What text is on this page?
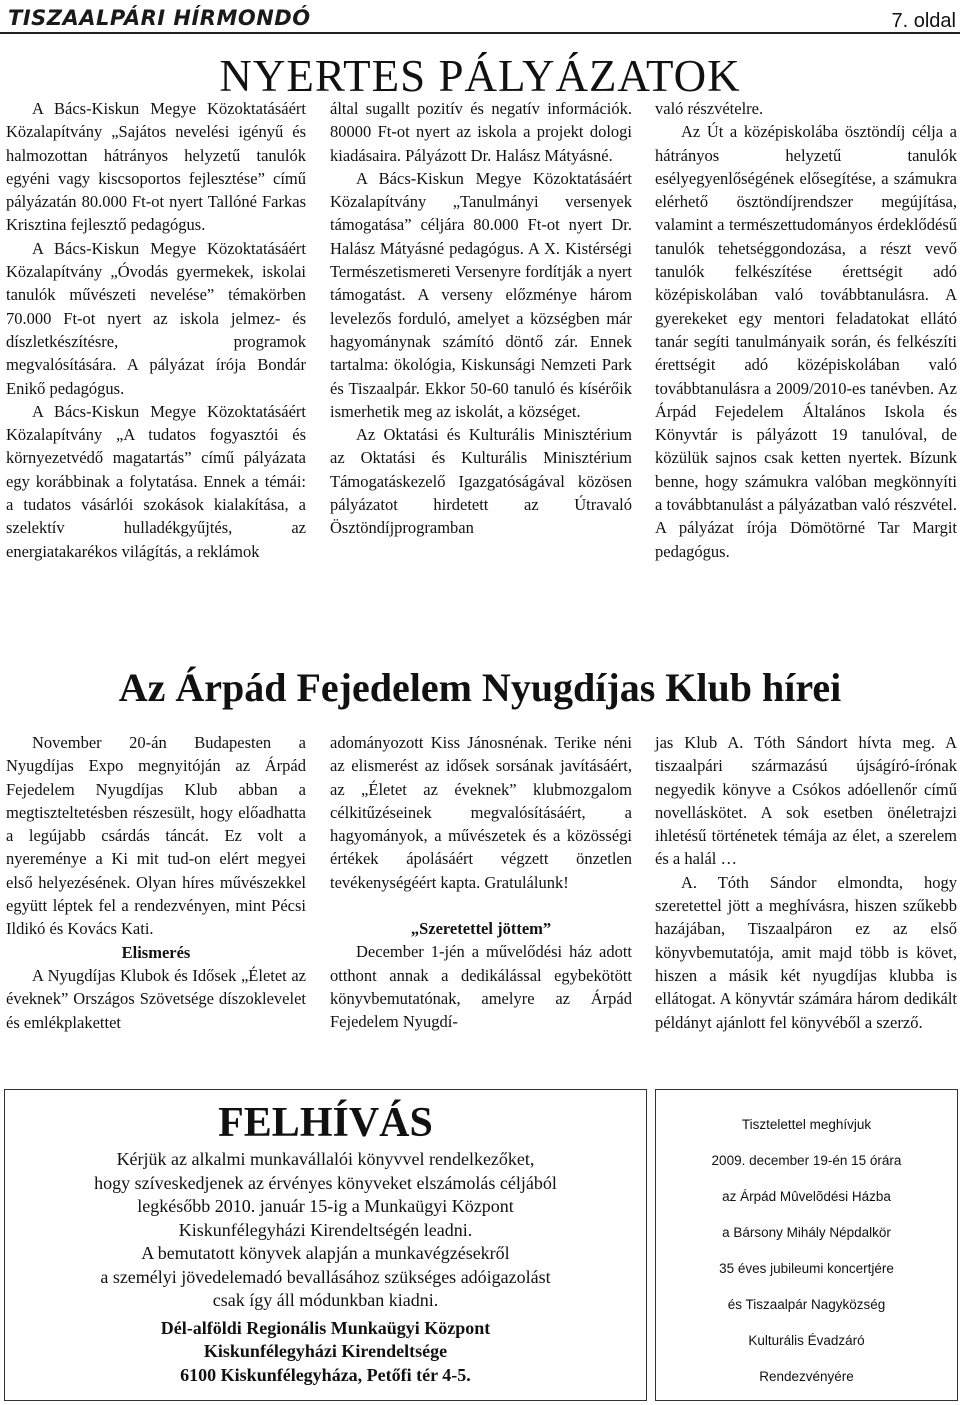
TISZAALPÁRI HÍRMONDÓ	7. oldal
NYERTES PÁLYÁZATOK

A Bács-Kiskun Megye Közoktatásáért Közalapítvány „Sajátos nevelési igényű és halmozottan hátrányos helyzetű tanulók egyéni vagy kiscsoportos fejlesztése” című pályázatán 80.000 Ft-ot nyert Tallóné Farkas Krisztina fejlesztő pedagógus.

A Bács-Kiskun Megye Közoktatásáért Közalapítvány „Óvodás gyermekek, iskolai tanulók művészeti nevelése” témakörben 70.000 Ft-ot nyert az iskola jelmez- és díszletkészítésre, programok megvalósítására. A pályázat írója Bondár Enikő pedagógus.

A Bács-Kiskun Megye Közoktatásáért Közalapítvány „A tudatos fogyasztói és környezetvédő magatartás” című pályázata egy korábbinak a folytatása. Ennek a témái: a tudatos vásárlói szokások kialakítása, a szelektív hulladékgyűjtés, az energiatakarékos világítás, a reklámok

által sugallt pozitív és negatív információk. 80000 Ft-ot nyert az iskola a projekt dologi kiadásaira. Pályázott Dr. Halász Mátyásné.

A Bács-Kiskun Megye Közoktatásáért Közalapítvány „Tanulmányi versenyek támogatása” céljára 80.000 Ft-ot nyert Dr. Halász Mátyásné pedagógus. A X. Kistérségi Természetismereti Versenyre fordítják a nyert támogatást. A verseny előzménye három levelezős forduló, amelyet a községben már hagyománynak számító döntő zár. Ennek tartalma: ökológia, Kiskunsági Nemzeti Park és Tiszaalpár. Ekkor 50-60 tanuló és kísérőik ismerhetik meg az iskolát, a községet.

Az Oktatási és Kulturális Minisztérium az Oktatási és Kulturális Minisztérium Támogatáskezelő Igazgatóságával közösen pályázatot hirdetett az Útravaló Ösztöndíjprogramban

való részvételre.

Az Út a középiskolába ösztöndíj célja a hátrányos helyzetű tanulók esélyegyenlőségének elősegítése, a számukra elérhető ösztöndíjrendszer megújítása, valamint a természettudományos érdeklődésű tanulók tehetséggondozása, a részt vevő tanulók felkészítése érettségit adó középiskolában való továbbtanulásra. A gyerekeket egy mentori feladatokat ellátó tanár segíti tanulmányaik során, és felkészíti érettségit adó középiskolában való továbbtanulásra a 2009/2010-es tanévben. Az Árpád Fejedelem Általános Iskola és Könyvtár is pályázott 19 tanulóval, de közülük sajnos csak ketten nyertek. Bízunk benne, hogy számukra valóban megkönnyíti a továbbtanulást a pályázatban való részvétel. A pályázat írója Dömötörné Tar Margit pedagógus.

Az Árpád Fejedelem Nyugdíjas Klub hírei

November 20-án Budapesten a Nyugdíjas Expo megnyitóján az Árpád Fejedelem Nyugdíjas Klub abban a megtiszteltetésben részesült, hogy előadhatta a legújabb csárdás táncát. Ez volt a nyereménye a Ki mit tud-on elért megyei első helyezésének. Olyan híres művészekkel együtt léptek fel a rendezvényen, mint Pécsi Ildikó és Kovács Kati.

Elismerés

A Nyugdíjas Klubok és Idősek „Életet az éveknek” Országos Szövetsége díszoklevelet és emlékplakettet

adományozott Kiss Jánosnénak. Terike néni az elismerést az idősek sorsának javításáért, az „Életet az éveknek” klubmozgalom célkitűzéseinek megvalósításáért, a hagyományok, a művészetek és a közösségi értékek ápolásáért végzett önzetlen tevékenységéért kapta. Gratulálunk!

„Szeretettel jöttem”

December 1-jén a művelődési ház adott otthont annak a dedikálással egybekötött könyvbemutatónak, amelyre az Árpád Fejedelem Nyugdí-

jas Klub A. Tóth Sándort hívta meg. A tiszaalpári származású újságíró-írónak negyedik könyve a Csókos adóellenőr című novelláskötet. A sok esetben önéletrajzi ihletésű történetek témája az élet, a szerelem és a halál …

A. Tóth Sándor elmondta, hogy szeretettel jött a meghívásra, hiszen szűkebb hazájában, Tiszaalpáron ez az első könyvbemutatója, amit majd több is követ, hiszen a másik két nyugdíjas klubba is ellátogat. A könyvtár számára három dedikált példányt ajánlott fel könyvéből a szerző.

FELHÍVÁS

Kérjük az alkalmi munkavállalói könyvvel rendelkezőket,

hogy szíveskedjenek az érvényes könyveket elszámolás céljából

legkésőbb 2010. január 15-ig a Munkaügyi Központ

Kiskunfélegyházi Kirendeltségén leadni.

A bemutatott könyvek alapján a munkavégzésekről

a személyi jövedelemadó bevallásához szükséges adóigazolást

csak így áll módunkban kiadni.

Dél-alföldi Regionális Munkaügyi Központ

Kiskunfélegyházi Kirendeltsége

6100 Kiskunfélegyháza, Petőfi tér 4-5.

Tisztelettel meghívjuk

2009. december 19-én 15 órára

az Árpád Mûvelõdési Házba

a Bársony Mihály Népdalkör

35 éves jubileumi koncertjére

és Tiszaalpár Nagyközség

Kulturális Évadzáró

Rendezvényére
